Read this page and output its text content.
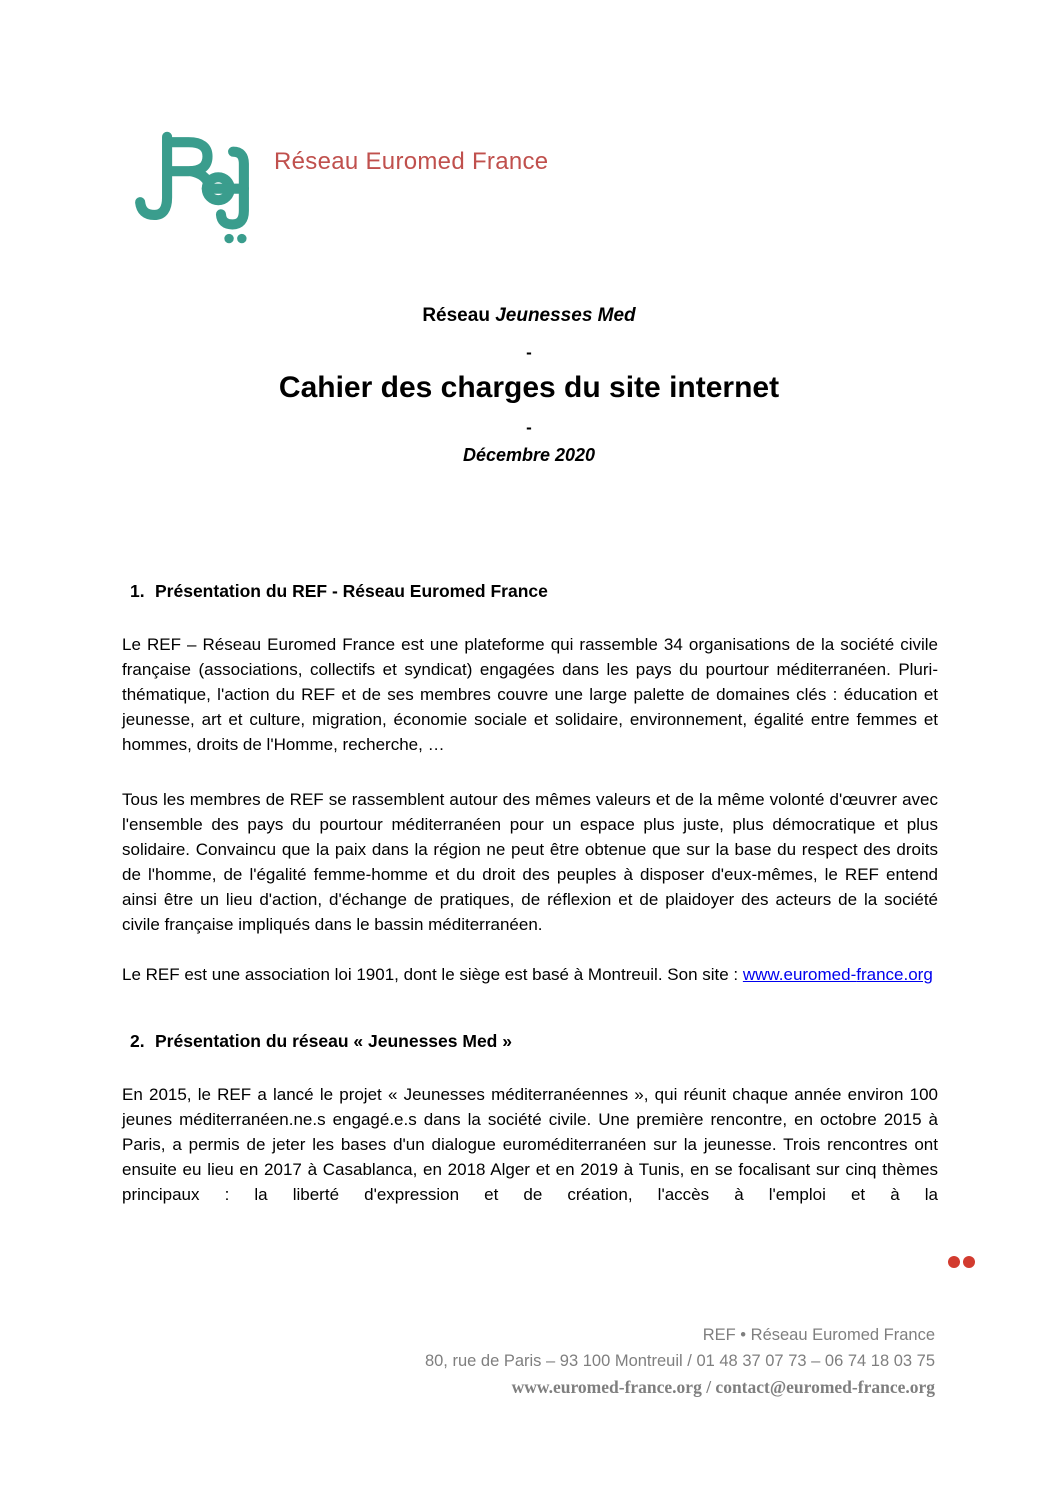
Réseau Euromed France
Réseau Jeunesses Med
-
Cahier des charges du site internet
-
Décembre 2020
1. Présentation du REF - Réseau Euromed France

Le REF – Réseau Euromed France est une plateforme qui rassemble 34 organisations de la société civile française (associations, collectifs et syndicat) engagées dans les pays du pourtour méditerranéen. Pluri-thématique, l'action du REF et de ses membres couvre une large palette de domaines clés : éducation et jeunesse, art et culture, migration, économie sociale et solidaire, environnement, égalité entre femmes et hommes, droits de l'Homme, recherche, …

Tous les membres de REF se rassemblent autour des mêmes valeurs et de la même volonté d'œuvrer avec l'ensemble des pays du pourtour méditerranéen pour un espace plus juste, plus démocratique et plus solidaire. Convaincu que la paix dans la région ne peut être obtenue que sur la base du respect des droits de l'homme, de l'égalité femme-homme et du droit des peuples à disposer d'eux-mêmes, le REF entend ainsi être un lieu d'action, d'échange de pratiques, de réflexion et de plaidoyer des acteurs de la société civile française impliqués dans le bassin méditerranéen.

Le REF est une association loi 1901, dont le siège est basé à Montreuil. Son site : www.euromed-france.org

2. Présentation du réseau « Jeunesses Med »

En 2015, le REF a lancé le projet « Jeunesses méditerranéennes », qui réunit chaque année environ 100 jeunes méditerranéen.ne.s engagé.e.s dans la société civile. Une première rencontre, en octobre 2015 à Paris, a permis de jeter les bases d'un dialogue euroméditerranéen sur la jeunesse. Trois rencontres ont ensuite eu lieu en 2017 à Casablanca, en 2018 Alger et en 2019 à Tunis, en se focalisant sur cinq thèmes principaux : la liberté d'expression et de création, l'accès à l'emploi et à la

REF • Réseau Euromed France
80, rue de Paris – 93 100 Montreuil / 01 48 37 07 73 – 06 74 18 03 75
www.euromed-france.org / contact@euromed-france.org
